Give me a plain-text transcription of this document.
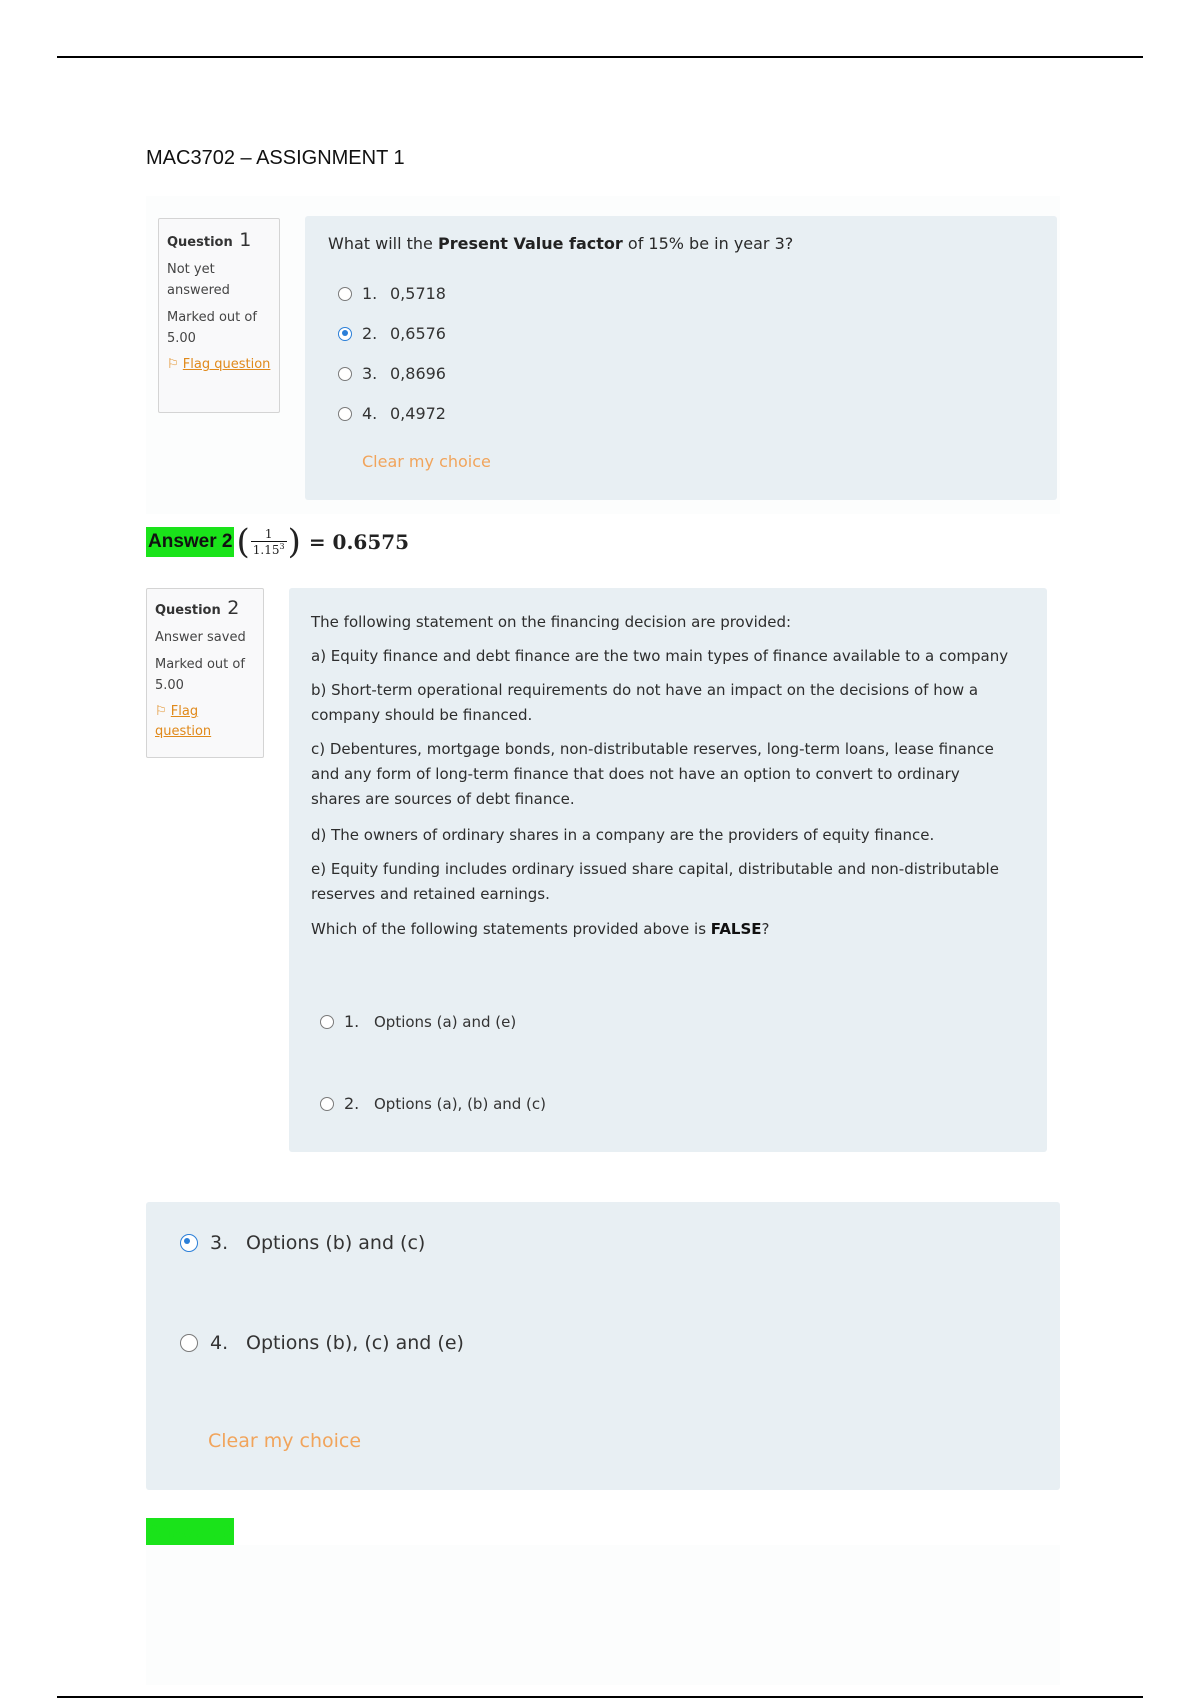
MAC3702 – ASSIGNMENT 1
Question 1
Not yet answered
Marked out of 5.00
⚐ Flag question
What will the Present Value factor of 15% be in year 3?
1. 0,5718
2. 0,6576
3. 0,8696
4. 0,4972
Clear my choice
Answer 2 ( $\frac{1}{1.15^3}$ ) = 0.6575
Question 2
Answer saved
Marked out of 5.00
⚐ Flag question

The following statement on the financing decision are provided:

a) Equity finance and debt finance are the two main types of finance available to a company

b) Short-term operational requirements do not have an impact on the decisions of how a company should be financed.

c) Debentures, mortgage bonds, non-distributable reserves, long-term loans, lease finance and any form of long-term finance that does not have an option to convert to ordinary shares are sources of debt finance.

d) The owners of ordinary shares in a company are the providers of equity finance.

e) Equity funding includes ordinary issued share capital, distributable and non-distributable reserves and retained earnings.

Which of the following statements provided above is FALSE?

1. Options (a) and (e)
2. Options (a), (b) and (c)
3. Options (b) and (c)
4. Options (b), (c) and (e)
Clear my choice
Answer: 3
